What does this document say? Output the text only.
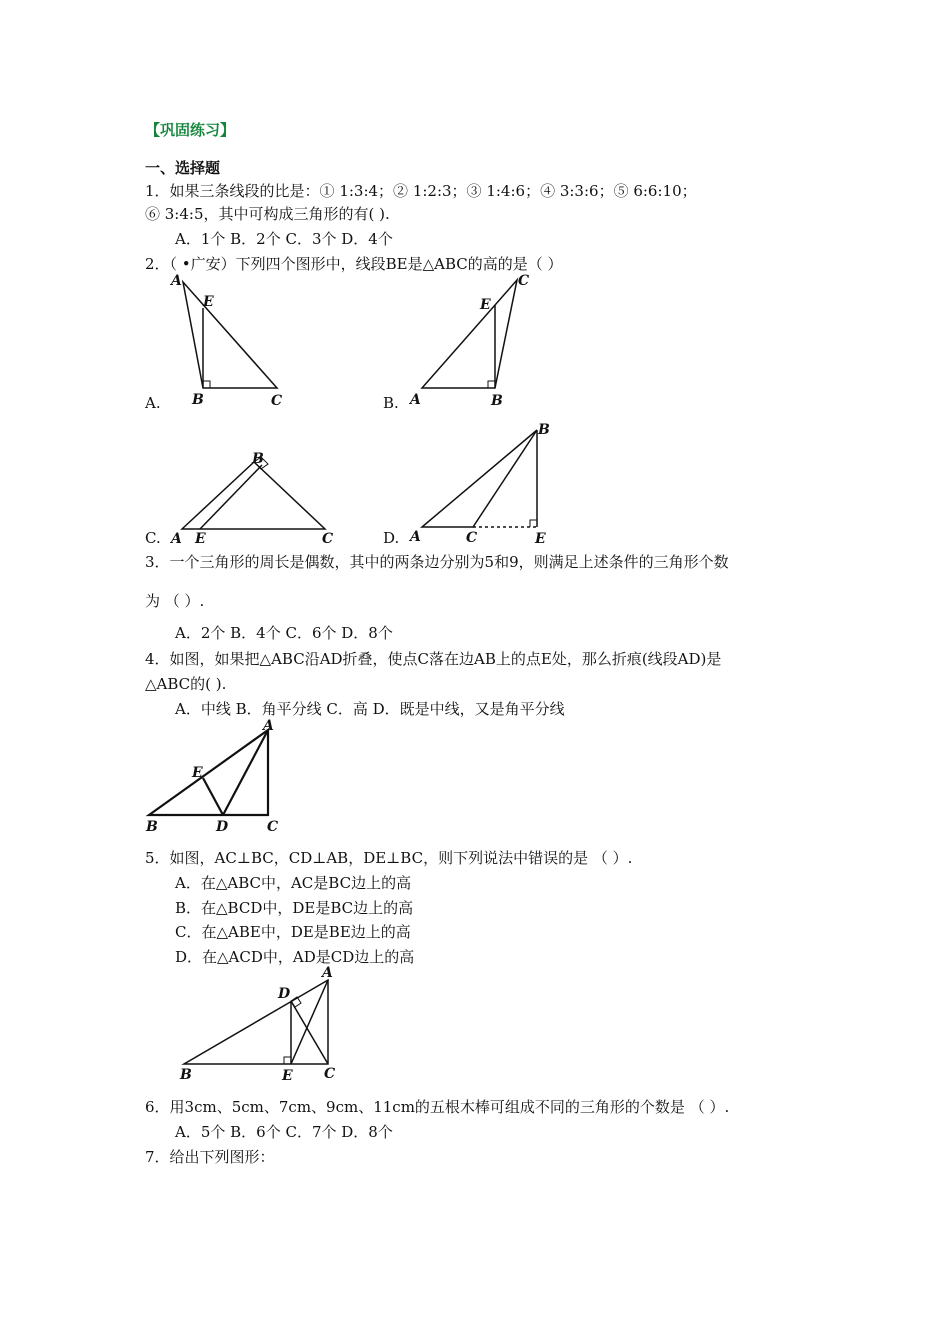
【巩固练习】
一、选择题
1．如果三条线段的比是：① 1:3:4；② 1:2:3；③ 1:4:6；④ 3:3:6；⑤ 6:6:10；
⑥ 3:4:5，其中可构成三角形的有( ).
A．1个 B．2个 C．3个 D．4个
2．（ •广安）下列四个图形中，线段BE是△ABC的高的是（ ）
A.
A
E
B	C	B. A
E
B
C
C. A E
B
C	D. A	C
B
E
3．一个三角形的周长是偶数，其中的两条边分别为5和9，则满足上述条件的三角形个数
为 （ ）.
A．2个 B．4个 C．6个 D．8个
4．如图，如果把△ABC沿AD折叠，使点C落在边AB上的点E处，那么折痕(线段AD)是
△ABC的( ).
A．中线 B．角平分线 C．高 D．既是中线，又是角平分线
A
E
B	D	C
5．如图，AC⊥BC，CD⊥AB，DE⊥BC，则下列说法中错误的是 （ ）.
A．在△ABC中，AC是BC边上的高
B．在△BCD中，DE是BC边上的高
C．在△ABE中，DE是BE边上的高
D．在△ACD中，AD是CD边上的高
A
D
B	E C
6．用3cm、5cm、7cm、9cm、11cm的五根木棒可组成不同的三角形的个数是 （ ）.
A．5个 B．6个 C．7个 D．8个
7．给出下列图形：
